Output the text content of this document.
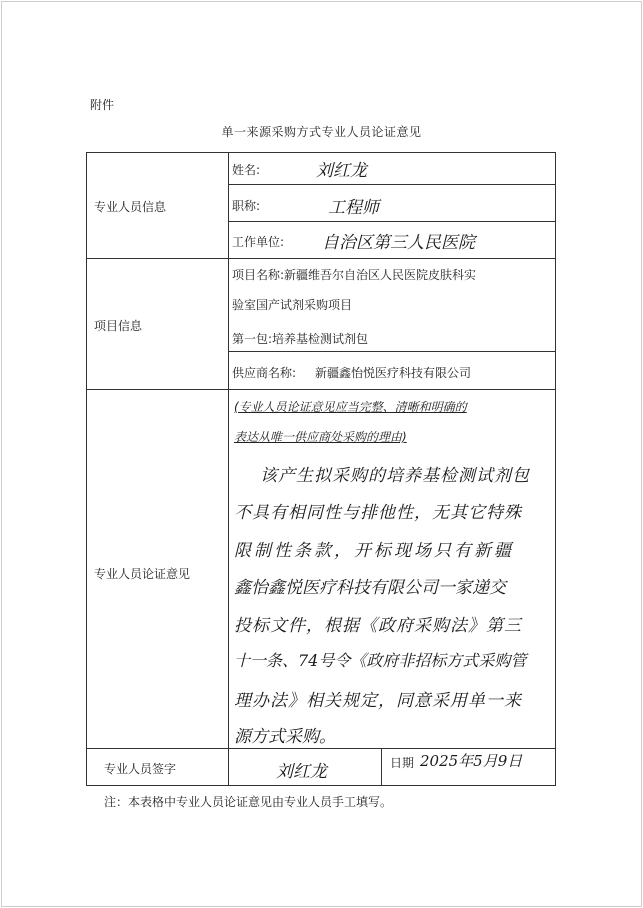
附件
单一来源采购方式专业人员论证意见
专业人员信息
姓名:	刘红龙
职称:	工程师
工作单位: 自治区第三人民医院
项目信息
项目名称:新疆维吾尔自治区人民医院皮肤科实
验室国产试剂采购项目
第一包:培养基检测试剂包
供应商名称: 新疆鑫怡悦医疗科技有限公司
专业人员论证意见
(专业人员论证意见应当完整、清晰和明确的
表达从唯一供应商处采购的理由)
该产生拟采购的培养基检测试剂包
不具有相同性与排他性，无其它特殊
限制性条款，开标现场只有新疆
鑫怡鑫悦医疗科技有限公司一家递交
投标文件，根据《政府采购法》第三
十一条、74号令《政府非招标方式采购管
理办法》相关规定，同意采用单一来
源方式采购。
专业人员签字	刘红龙	日期 2025年5月9日
注：本表格中专业人员论证意见由专业人员手工填写。
